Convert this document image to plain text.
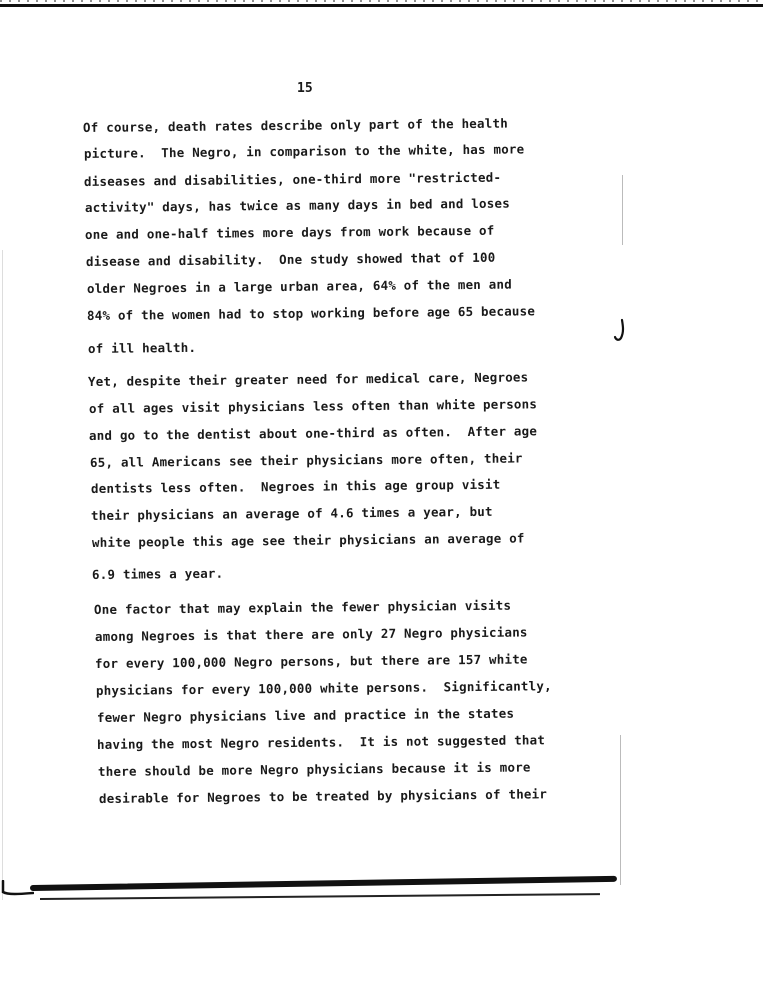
15
Of course, death rates describe only part of the health
picture.  The Negro, in comparison to the white, has more
diseases and disabilities, one-third more "restricted-
activity" days, has twice as many days in bed and loses
one and one-half times more days from work because of
disease and disability.  One study showed that of 100
older Negroes in a large urban area, 64% of the men and
84% of the women had to stop working before age 65 because
of ill health.
Yet, despite their greater need for medical care, Negroes
of all ages visit physicians less often than white persons
and go to the dentist about one-third as often.  After age
65, all Americans see their physicians more often, their
dentists less often.  Negroes in this age group visit
their physicians an average of 4.6 times a year, but
white people this age see their physicians an average of
6.9 times a year.
One factor that may explain the fewer physician visits
among Negroes is that there are only 27 Negro physicians
for every 100,000 Negro persons, but there are 157 white
physicians for every 100,000 white persons.  Significantly,
fewer Negro physicians live and practice in the states
having the most Negro residents.  It is not suggested that
there should be more Negro physicians because it is more
desirable for Negroes to be treated by physicians of their
